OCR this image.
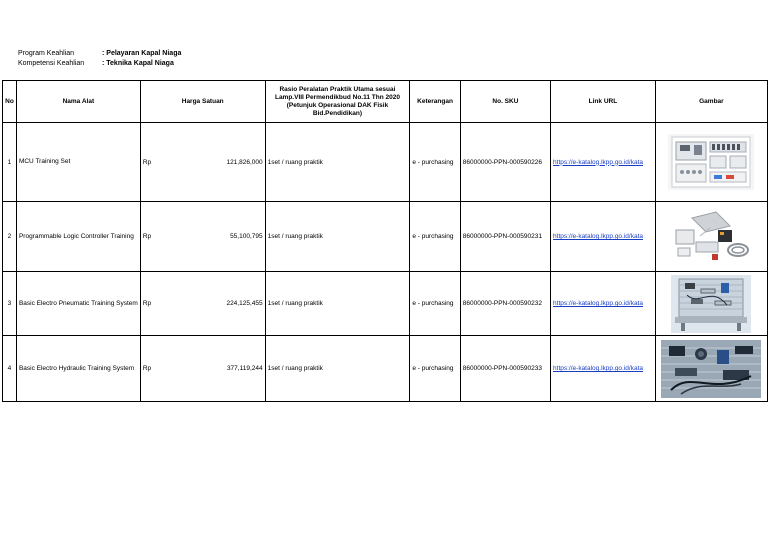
Program Keahlian	: Pelayaran Kapal Niaga
Kompetensi Keahlian	: Teknika Kapal Niaga
No	Nama Alat	Harga Satuan	Rasio Peralatan Praktik Utama sesuai Lamp.VIII Permendikbud No.11 Thn 2020 (Petunjuk Operasional DAK Fisik Bid.Pendidikan)	Keterangan	No. SKU	Link URL	Gambar
1	MCU Training Set	Rp 121,826,000	1set / ruang praktik	e - purchasing	86000000-PPN-000590226	https://e-katalog.lkpp.go.id/kata	

2	Programmable Logic Controller Training	Rp 55,100,795	1set / ruang praktik	e - purchasing	86000000-PPN-000590231	https://e-katalog.lkpp.go.id/kata	

3	Basic Electro Pneumatic Training System	Rp 224,125,455	1set / ruang praktik	e - purchasing	86000000-PPN-000590232	https://e-katalog.lkpp.go.id/kata	

4	Basic Electro Hydraulic Training System	Rp 377,119,244	1set / ruang praktik	e - purchasing	86000000-PPN-000590233	https://e-katalog.lkpp.go.id/kata	
